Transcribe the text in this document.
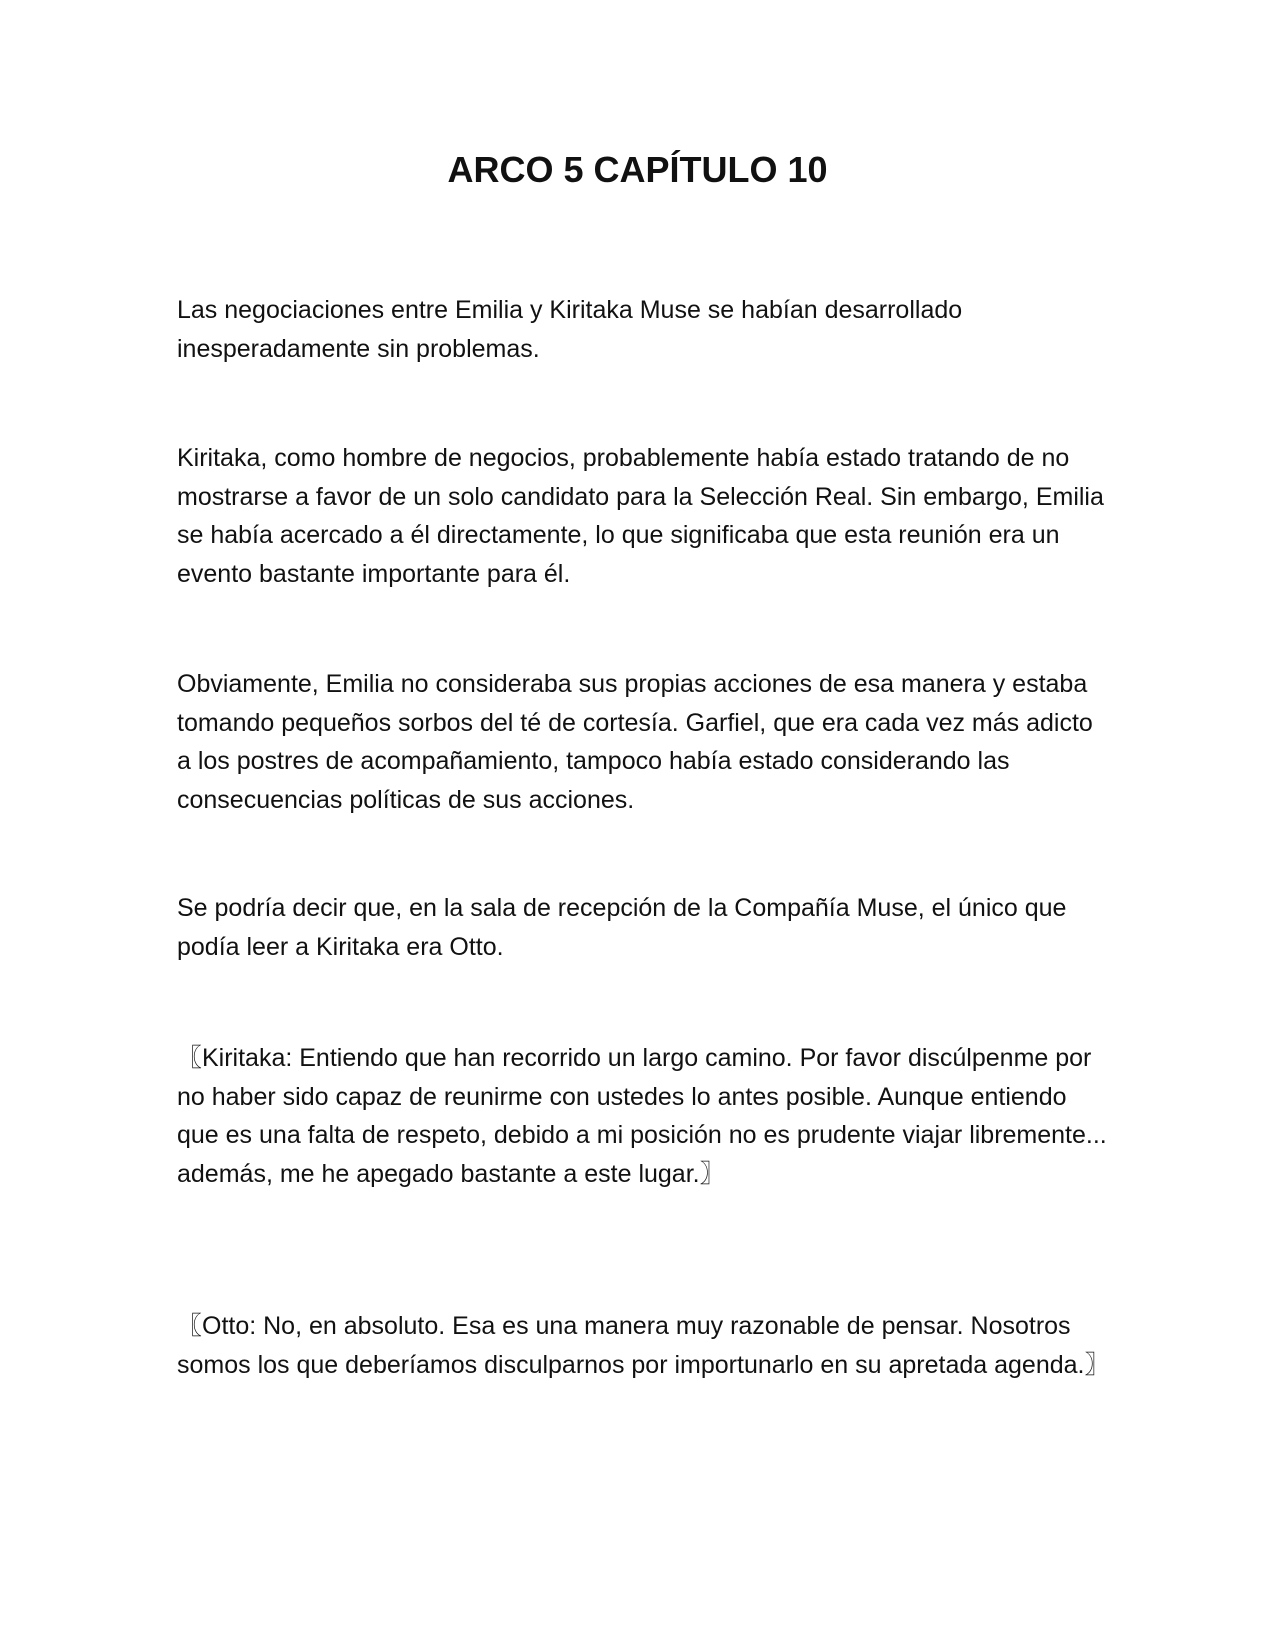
ARCO 5 CAPÍTULO 10

Las negociaciones entre Emilia y Kiritaka Muse se habían desarrollado inesperadamente sin problemas.

Kiritaka, como hombre de negocios, probablemente había estado tratando de no mostrarse a favor de un solo candidato para la Selección Real. Sin embargo, Emilia se había acercado a él directamente, lo que significaba que esta reunión era un evento bastante importante para él.

Obviamente, Emilia no consideraba sus propias acciones de esa manera y estaba tomando pequeños sorbos del té de cortesía. Garfiel, que era cada vez más adicto a los postres de acompañamiento, tampoco había estado considerando las consecuencias políticas de sus acciones.

Se podría decir que, en la sala de recepción de la Compañía Muse, el único que podía leer a Kiritaka era Otto.

〖Kiritaka: Entiendo que han recorrido un largo camino. Por favor discúlpenme por no haber sido capaz de reunirme con ustedes lo antes posible. Aunque entiendo que es una falta de respeto, debido a mi posición no es prudente viajar libremente... además, me he apegado bastante a este lugar.〗

〖Otto: No, en absoluto. Esa es una manera muy razonable de pensar. Nosotros somos los que deberíamos disculparnos por importunarlo en su apretada agenda.〗
